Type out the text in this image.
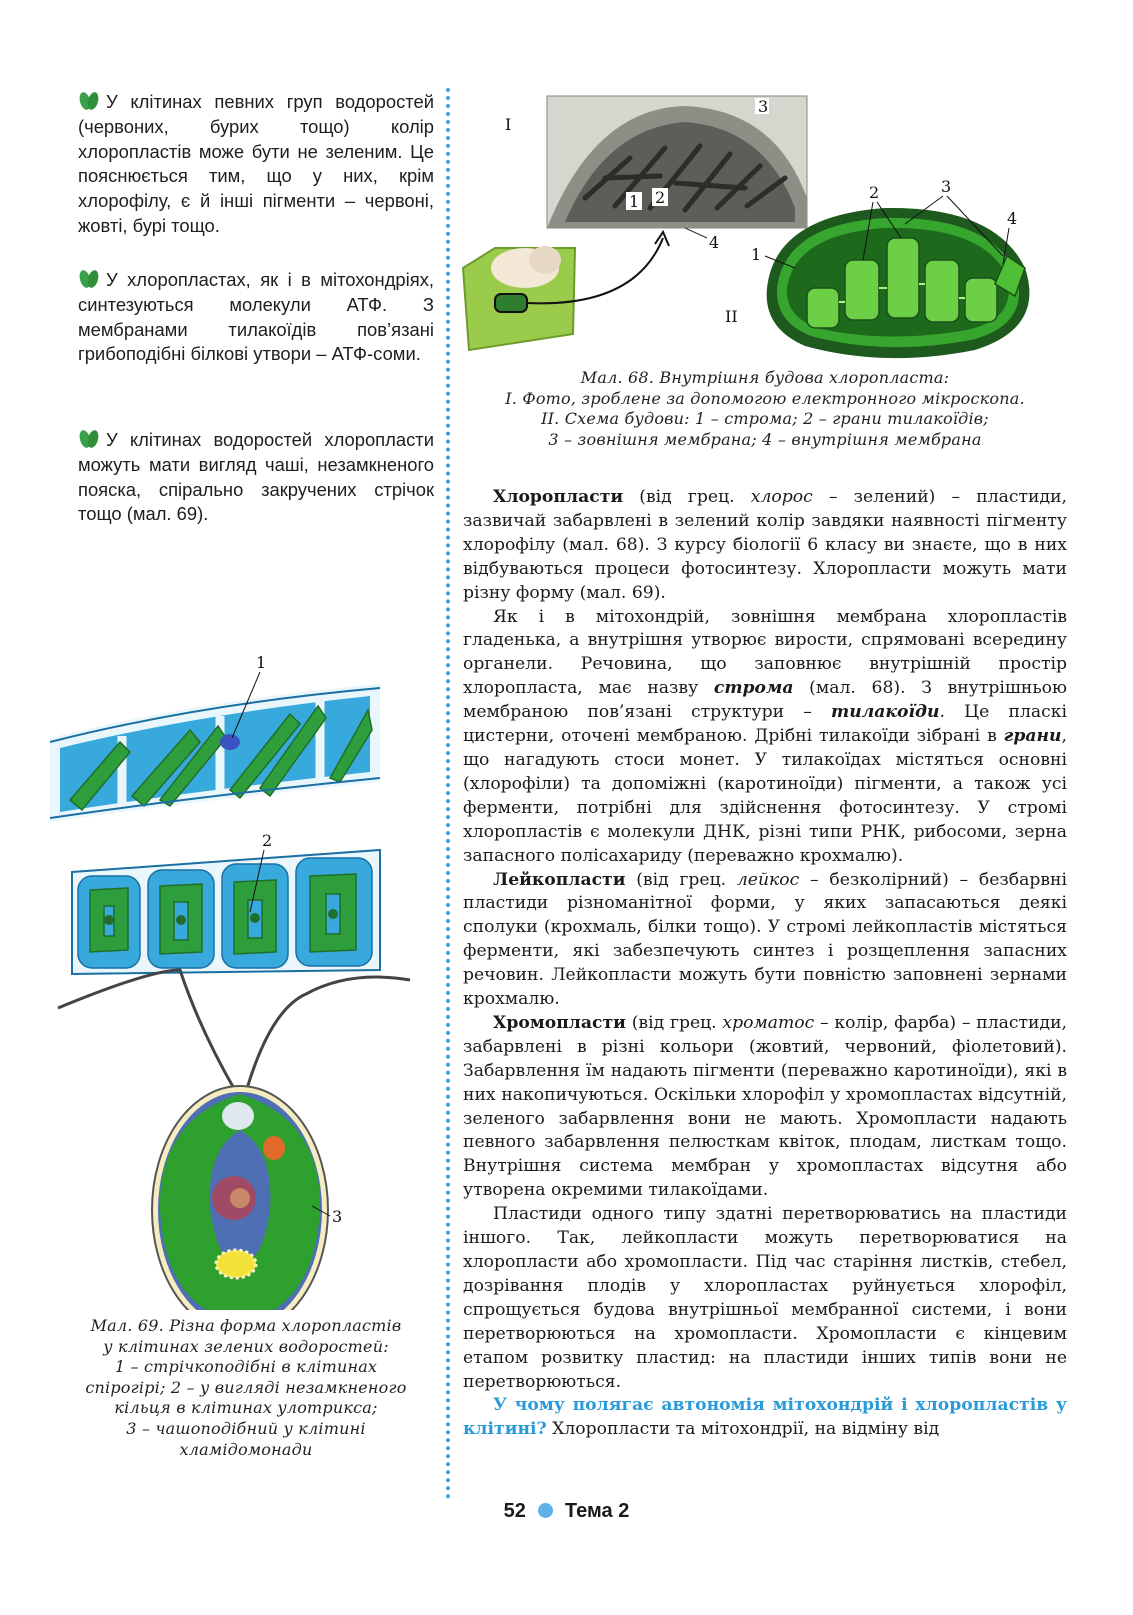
У клітинах певних груп водоростей (червоних, бурих тощо) колір хлоропластів може бути не зеленим. Це пояснюється тим, що у них, крім хлорофілу, є й інші пігменти – червоні, жовті, бурі тощо.
У хлоропластах, як і в мітохондріях, синтезуються молекули АТФ. З мембранами тилакоїдів пов’язані грибоподібні білкові утвори – АТФ-соми.
У клітинах водоростей хлоропласти можуть мати вигляд чаші, незамкненого пояска, спірально закручених стрічок тощо (мал. 69).
I
1 2
3
4
1
2	3
4
II
Мал. 68. Внутрішня будова хлоропласта:
I. Фото, зроблене за допомогою електронного мікроскопа.
II. Схема будови: 1 – строма; 2 – грани тилакоїдів;
3 – зовнішня мембрана; 4 – внутрішня мембрана
1
2
3
Мал. 69. Різна форма хлоропластів
у клітинах зелених водоростей:
1 – стрічкоподібні в клітинах
спірогірі; 2 – у вигляді незамкненого
кільця в клітинах улотрикса;
3 – чашоподібний у клітині
хламідомонади

Хлоропласти (від грец. хлорос – зелений) – пластиди, зазвичай забарвлені в зелений колір завдяки наявності пігменту хлорофілу (мал. 68). З курсу біології 6 класу ви знаєте, що в них відбуваються процеси фотосинтезу. Хлоропласти можуть мати різну форму (мал. 69).

Як і в мітохондрій, зовнішня мембрана хлоропластів гладенька, а внутрішня утворює вирости, спрямовані всередину органели. Речовина, що заповнює внутрішній простір хлоропласта, має назву строма (мал. 68). З внутрішньою мембраною пов’язані структури – тилакоїди. Це пласкі цистерни, оточені мембраною. Дрібні тилакоїди зібрані в грани, що нагадують стоси монет. У тилакоїдах містяться основні (хлорофіли) та допоміжні (каротиноїди) пігменти, а також усі ферменти, потрібні для здійснення фотосинтезу. У стромі хлоропластів є молекули ДНК, різні типи РНК, рибосоми, зерна запасного полісахариду (переважно крохмалю).

Лейкопласти (від грец. лейкос – безколірний) – безбарвні пластиди різноманітної форми, у яких запасаються деякі сполуки (крохмаль, білки тощо). У стромі лейкопластів містяться ферменти, які забезпечують синтез і розщеплення запасних речовин. Лейкопласти можуть бути повністю заповнені зернами крохмалю.

Хромопласти (від грец. хроматос – колір, фарба) – пластиди, забарвлені в різні кольори (жовтий, червоний, фіолетовий). Забарвлення їм надають пігменти (переважно каротиноїди), які в них накопичуються. Оскільки хлорофіл у хромопластах відсутній, зеленого забарвлення вони не мають. Хромопласти надають певного забарвлення пелюсткам квіток, плодам, листкам тощо. Внутрішня система мембран у хромопластах відсутня або утворена окремими тилакоїдами.

Пластиди одного типу здатні перетворюватись на пластиди іншого. Так, лейкопласти можуть перетворюватися на хлоропласти або хромопласти. Під час старіння листків, стебел, дозрівання плодів у хлоропластах руйнується хлорофіл, спрощується будова внутрішньої мембранної системи, і вони перетворюються на хромопласти. Хромопласти є кінцевим етапом розвитку пластид: на пластиди інших типів вони не перетворюються.

У чому полягає автономія мітохондрій і хлоропластів у клітині? Хлоропласти та мітохондрії, на відміну від

52 Тема 2
